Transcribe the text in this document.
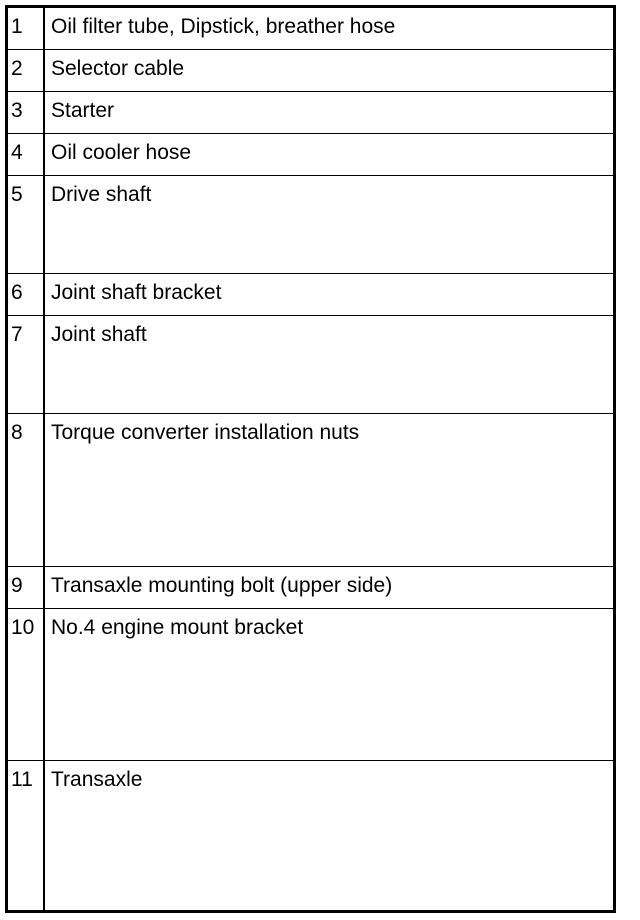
1	Oil filter tube, Dipstick, breather hose
2	Selector cable
3	Starter
4	Oil cooler hose
5	Drive shaft
6	Joint shaft bracket
7	Joint shaft
8	Torque converter installation nuts
9	Transaxle mounting bolt (upper side)
10 No.4 engine mount bracket
11 Transaxle
